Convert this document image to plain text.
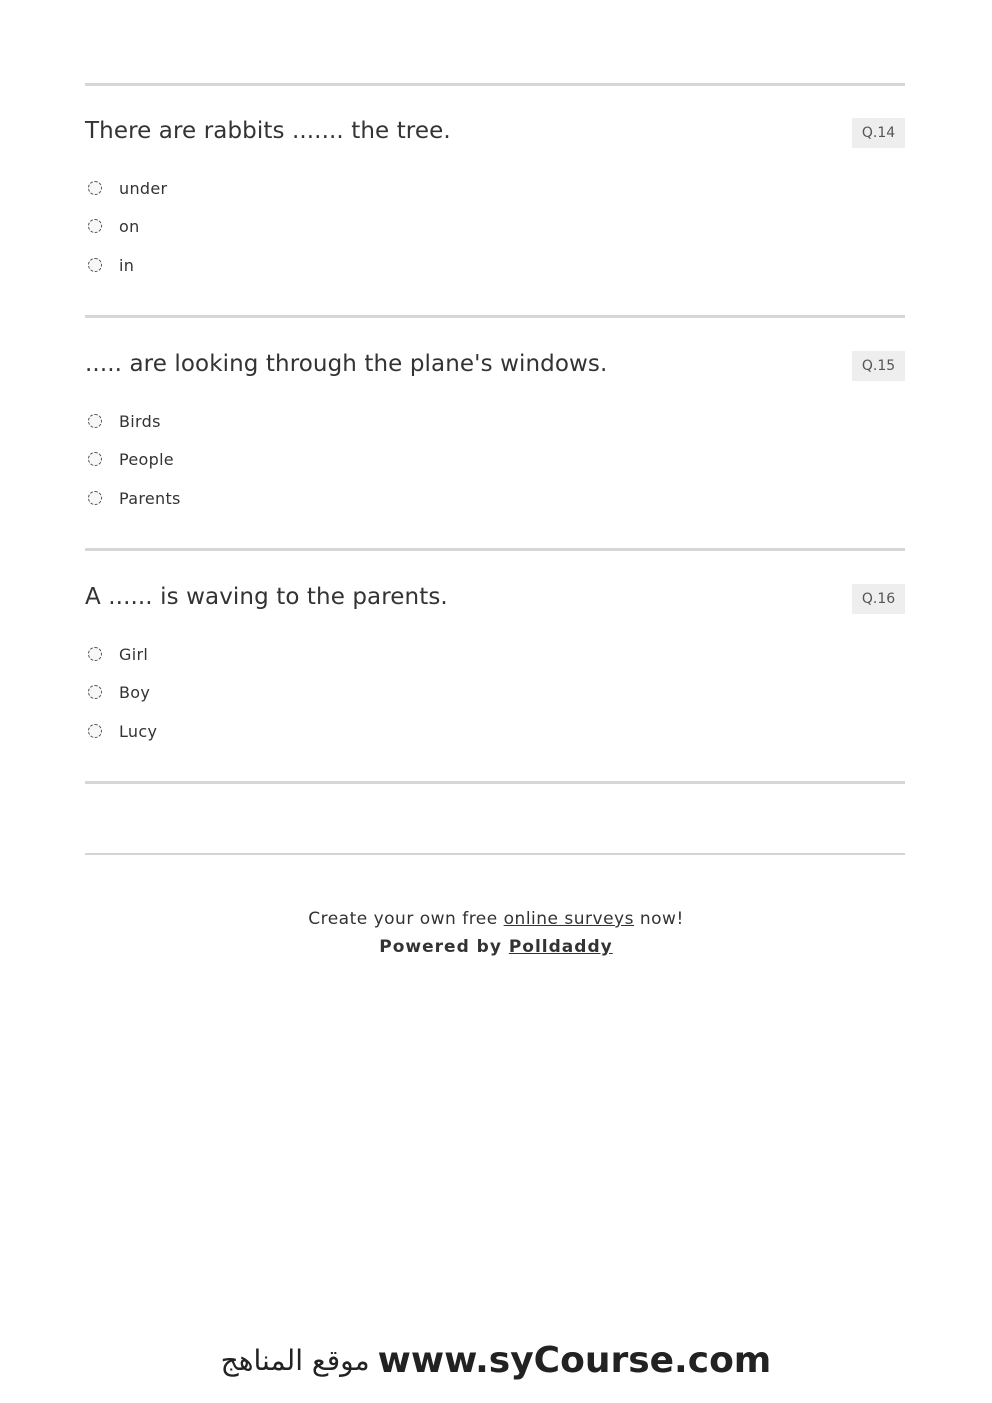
There are rabbits ....... the tree.	Q.14
under
on
in
..... are looking through the plane's windows.	Q.15
Birds
People
Parents
A ...... is waving to the parents.	Q.16
Girl
Boy
Lucy
Create your own free online surveys now!
Powered by Polldaddy
موقع المناهج www.syCourse.com
